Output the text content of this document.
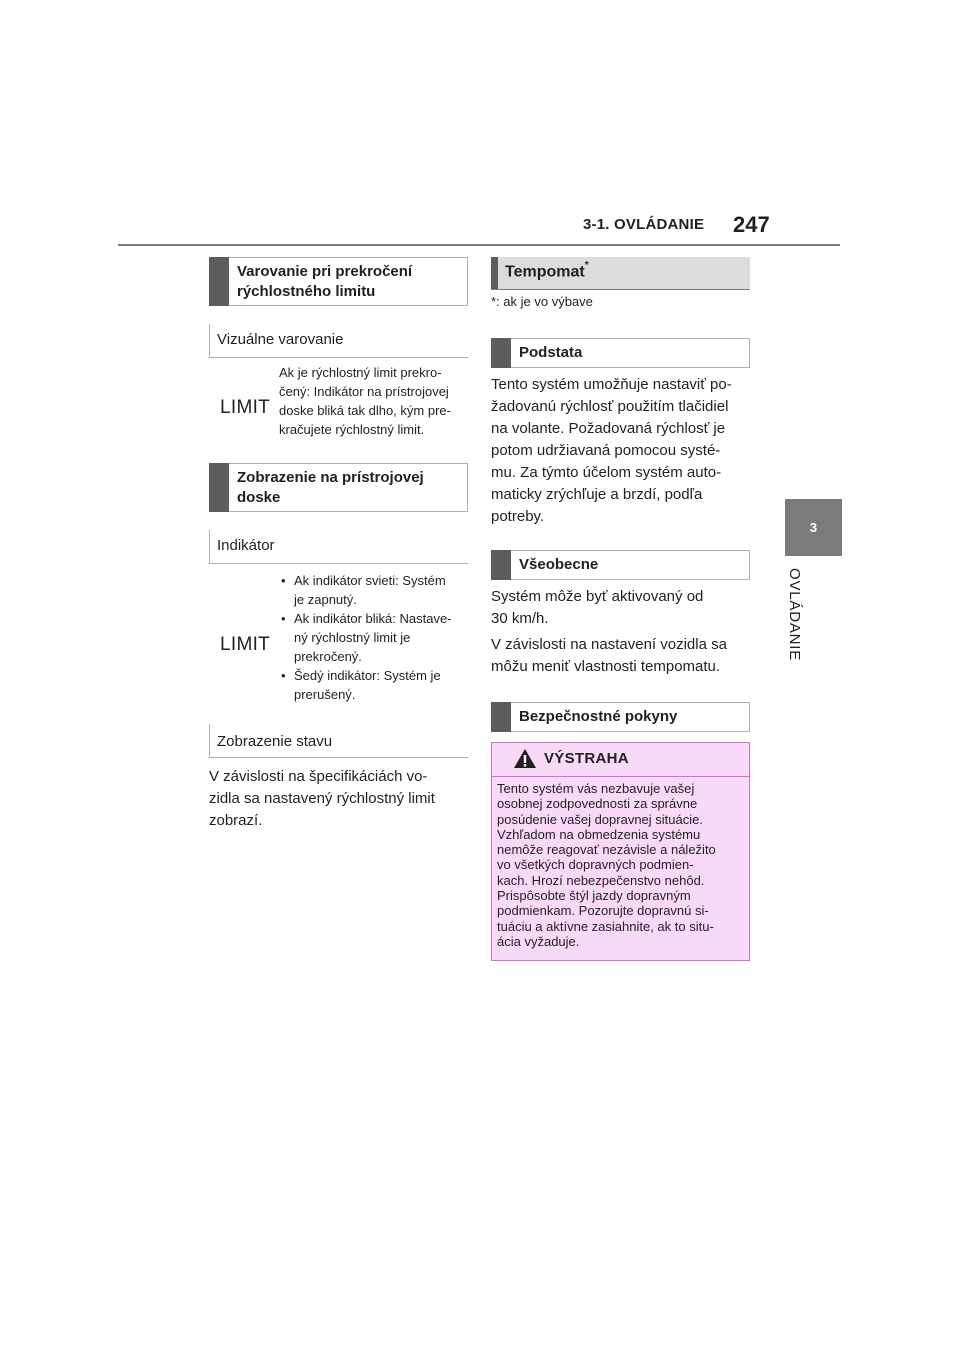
3-1. OVLÁDANIE 247
3
OVLÁDANIE
Varovanie pri prekročení rýchlostného limitu
Vizuálne varovanie
LIMIT
Ak je rýchlostný limit prekro-
čený: Indikátor na prístrojovej
doske bliká tak dlho, kým pre-
kračujete rýchlostný limit.
Zobrazenie na prístrojovej doske
Indikátor
LIMIT
• Ak indikátor svieti: Systém
je zapnutý.
• Ak indikátor bliká: Nastave-
ný rýchlostný limit je
prekročený.
• Šedý indikátor: Systém je
prerušený.
Zobrazenie stavu
V závislosti na špecifikáciách vo-
zidla sa nastavený rýchlostný limit
zobrazí.
Tempomat*
*: ak je vo výbave
Podstata
Tento systém umožňuje nastaviť po-
žadovanú rýchlosť použitím tlačidiel
na volante. Požadovaná rýchlosť je
potom udržiavaná pomocou systé-
mu. Za týmto účelom systém auto-
maticky zrýchľuje a brzdí, podľa
potreby.
Všeobecne
Systém môže byť aktivovaný od
30 km/h.
V závislosti na nastavení vozidla sa
môžu meniť vlastnosti tempomatu.
Bezpečnostné pokyny
VÝSTRAHA
Tento systém vás nezbavuje vašej
osobnej zodpovednosti za správne
posúdenie vašej dopravnej situácie.
Vzhľadom na obmedzenia systému
nemôže reagovať nezávisle a náležito
vo všetkých dopravných podmien-
kach. Hrozí nebezpečenstvo nehôd.
Prispôsobte štýl jazdy dopravným
podmienkam. Pozorujte dopravnú si-
tuáciu a aktívne zasiahnite, ak to situ-
ácia vyžaduje.
